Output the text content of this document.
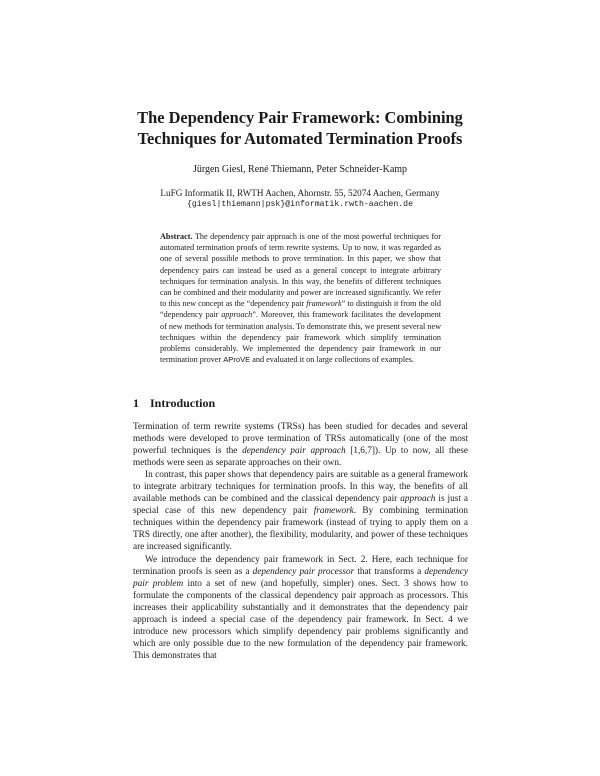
The Dependency Pair Framework: Combining
Techniques for Automated Termination Proofs
Jürgen Giesl, René Thiemann, Peter Schneider-Kamp
LuFG Informatik II, RWTH Aachen, Ahornstr. 55, 52074 Aachen, Germany
{giesl|thiemann|psk}@informatik.rwth-aachen.de
Abstract. The dependency pair approach is one of the most powerful techniques for automated termination proofs of term rewrite systems. Up to now, it was regarded as one of several possible methods to prove termination. In this paper, we show that dependency pairs can instead be used as a general concept to integrate arbitrary techniques for termination analysis. In this way, the benefits of different techniques can be combined and their modularity and power are increased significantly. We refer to this new concept as the “dependency pair framework” to distinguish it from the old “dependency pair approach”. Moreover, this framework facilitates the development of new methods for termination analysis. To demonstrate this, we present several new techniques within the dependency pair framework which simplify termination problems considerably. We implemented the dependency pair framework in our termination prover AProVE and evaluated it on large collections of examples.
1 Introduction

Termination of term rewrite systems (TRSs) has been studied for decades and several methods were developed to prove termination of TRSs automatically (one of the most powerful techniques is the dependency pair approach [1,6,7]). Up to now, all these methods were seen as separate approaches on their own.

In contrast, this paper shows that dependency pairs are suitable as a general framework to integrate arbitrary techniques for termination proofs. In this way, the benefits of all available methods can be combined and the classical dependency pair approach is just a special case of this new dependency pair framework. By combining termination techniques within the dependency pair framework (instead of trying to apply them on a TRS directly, one after another), the flexibility, modularity, and power of these techniques are increased significantly.

We introduce the dependency pair framework in Sect. 2. Here, each technique for termination proofs is seen as a dependency pair processor that transforms a dependency pair problem into a set of new (and hopefully, simpler) ones. Sect. 3 shows how to formulate the components of the classical dependency pair approach as processors. This increases their applicability substantially and it demonstrates that the dependency pair approach is indeed a special case of the dependency pair framework. In Sect. 4 we introduce new processors which simplify dependency pair problems significantly and which are only possible due to the new formulation of the dependency pair framework. This demonstrates that
